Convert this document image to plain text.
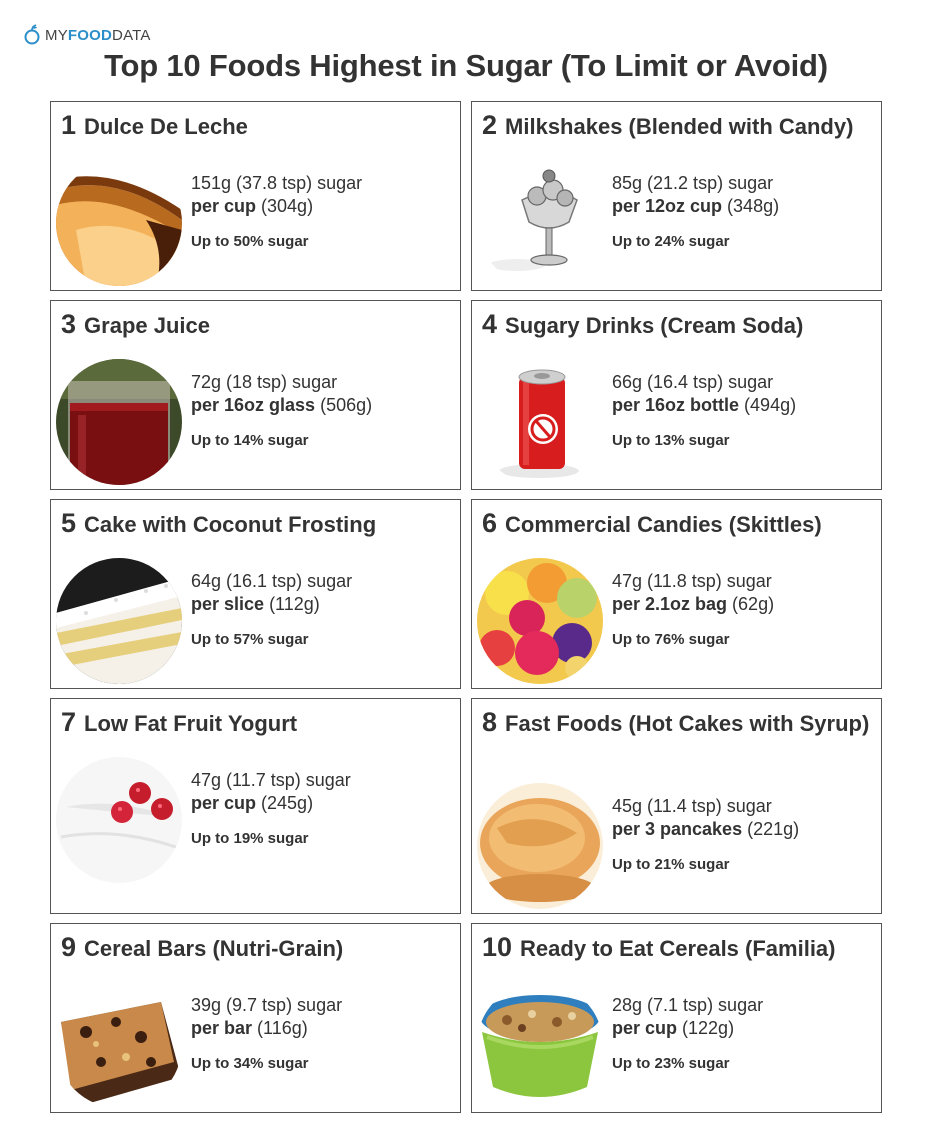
MYFOODDATA
Top 10 Foods Highest in Sugar (To Limit or Avoid)
1 Dulce De Leche
151g (37.8 tsp) sugar
per cup (304g)
Up to 50% sugar
2 Milkshakes (Blended with Candy)
85g (21.2 tsp) sugar
per 12oz cup (348g)
Up to 24% sugar
3 Grape Juice
72g (18 tsp) sugar
per 16oz glass (506g)
Up to 14% sugar
4 Sugary Drinks (Cream Soda)
66g (16.4 tsp) sugar
per 16oz bottle (494g)
Up to 13% sugar
5 Cake with Coconut Frosting
64g (16.1 tsp) sugar
per slice (112g)
Up to 57% sugar
6 Commercial Candies (Skittles)
47g (11.8 tsp) sugar
per 2.1oz bag (62g)
Up to 76% sugar
7 Low Fat Fruit Yogurt
47g (11.7 tsp) sugar
per cup (245g)
Up to 19% sugar
8 Fast Foods (Hot Cakes with Syrup)
45g (11.4 tsp) sugar
per 3 pancakes (221g)
Up to 21% sugar
9 Cereal Bars (Nutri-Grain)
39g (9.7 tsp) sugar
per bar (116g)
Up to 34% sugar
10 Ready to Eat Cereals (Familia)
28g (7.1 tsp) sugar
per cup (122g)
Up to 23% sugar
